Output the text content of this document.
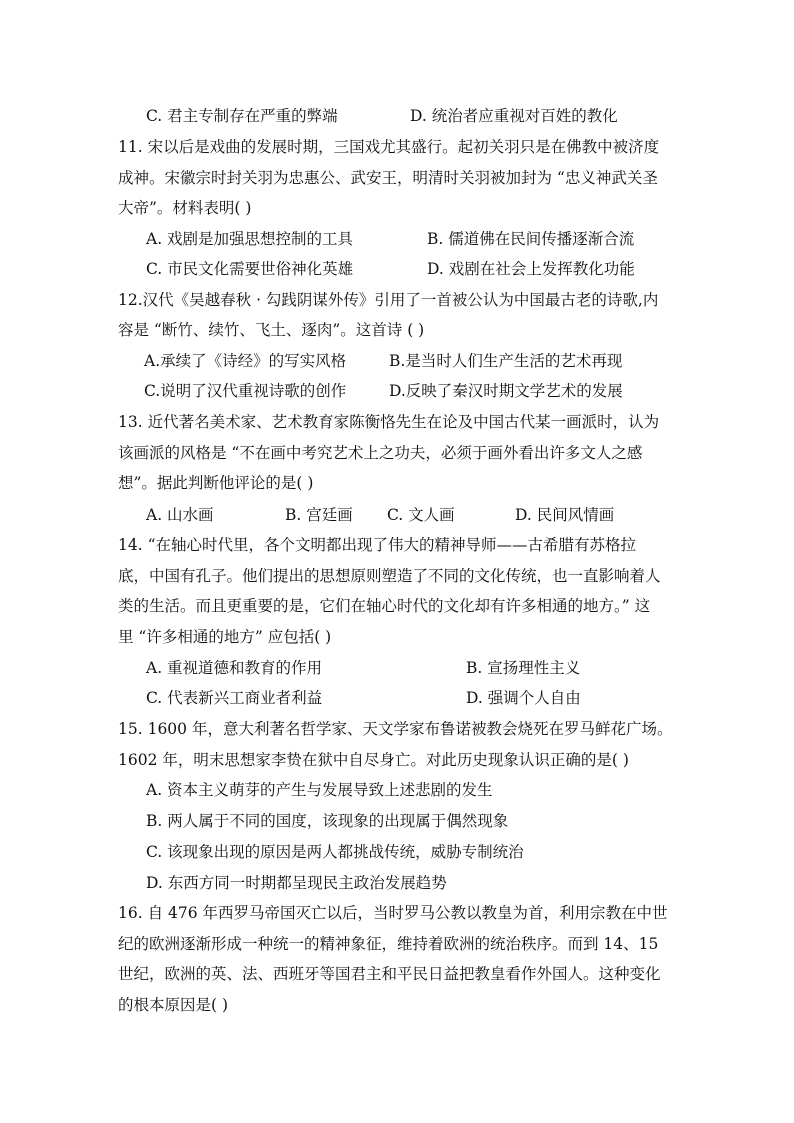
C. 君主专制存在严重的弊端	D. 统治者应重视对百姓的教化
11. 宋以后是戏曲的发展时期，三国戏尤其盛行。起初关羽只是在佛教中被济度
成神。宋徽宗时封关羽为忠惠公、武安王，明清时关羽被加封为 “忠义神武关圣
大帝”。材料表明( )
A. 戏剧是加强思想控制的工具	B. 儒道佛在民间传播逐渐合流
C. 市民文化需要世俗神化英雄	D. 戏剧在社会上发挥教化功能
12.汉代《吴越春秋 · 勾践阴谋外传》引用了一首被公认为中国最古老的诗歌,内
容是 “断竹、续竹、飞土、逐肉”。这首诗 ( )
A.承续了《诗经》的写实风格	B.是当时人们生产生活的艺术再现
C.说明了汉代重视诗歌的创作	D.反映了秦汉时期文学艺术的发展
13. 近代著名美术家、艺术教育家陈衡恪先生在论及中国古代某一画派时，认为
该画派的风格是 “不在画中考究艺术上之功夫，必须于画外看出许多文人之感
想”。据此判断他评论的是( )
A. 山水画	B. 宫廷画 C. 文人画	D. 民间风情画
14. “在轴心时代里，各个文明都出现了伟大的精神导师——古希腊有苏格拉
底，中国有孔子。他们提出的思想原则塑造了不同的文化传统，也一直影响着人
类的生活。而且更重要的是，它们在轴心时代的文化却有许多相通的地方。” 这
里 “许多相通的地方” 应包括( )
A. 重视道德和教育的作用	B. 宣扬理性主义
C. 代表新兴工商业者利益	D. 强调个人自由
15. 1600 年，意大利著名哲学家、天文学家布鲁诺被教会烧死在罗马鲜花广场。
1602 年，明末思想家李贽在狱中自尽身亡。对此历史现象认识正确的是( )
A. 资本主义萌芽的产生与发展导致上述悲剧的发生
B. 两人属于不同的国度，该现象的出现属于偶然现象
C. 该现象出现的原因是两人都挑战传统，威胁专制统治
D. 东西方同一时期都呈现民主政治发展趋势
16. 自 476 年西罗马帝国灭亡以后，当时罗马公教以教皇为首，利用宗教在中世
纪的欧洲逐渐形成一种统一的精神象征，维持着欧洲的统治秩序。而到 14、15
世纪，欧洲的英、法、西班牙等国君主和平民日益把教皇看作外国人。这种变化
的根本原因是( )
